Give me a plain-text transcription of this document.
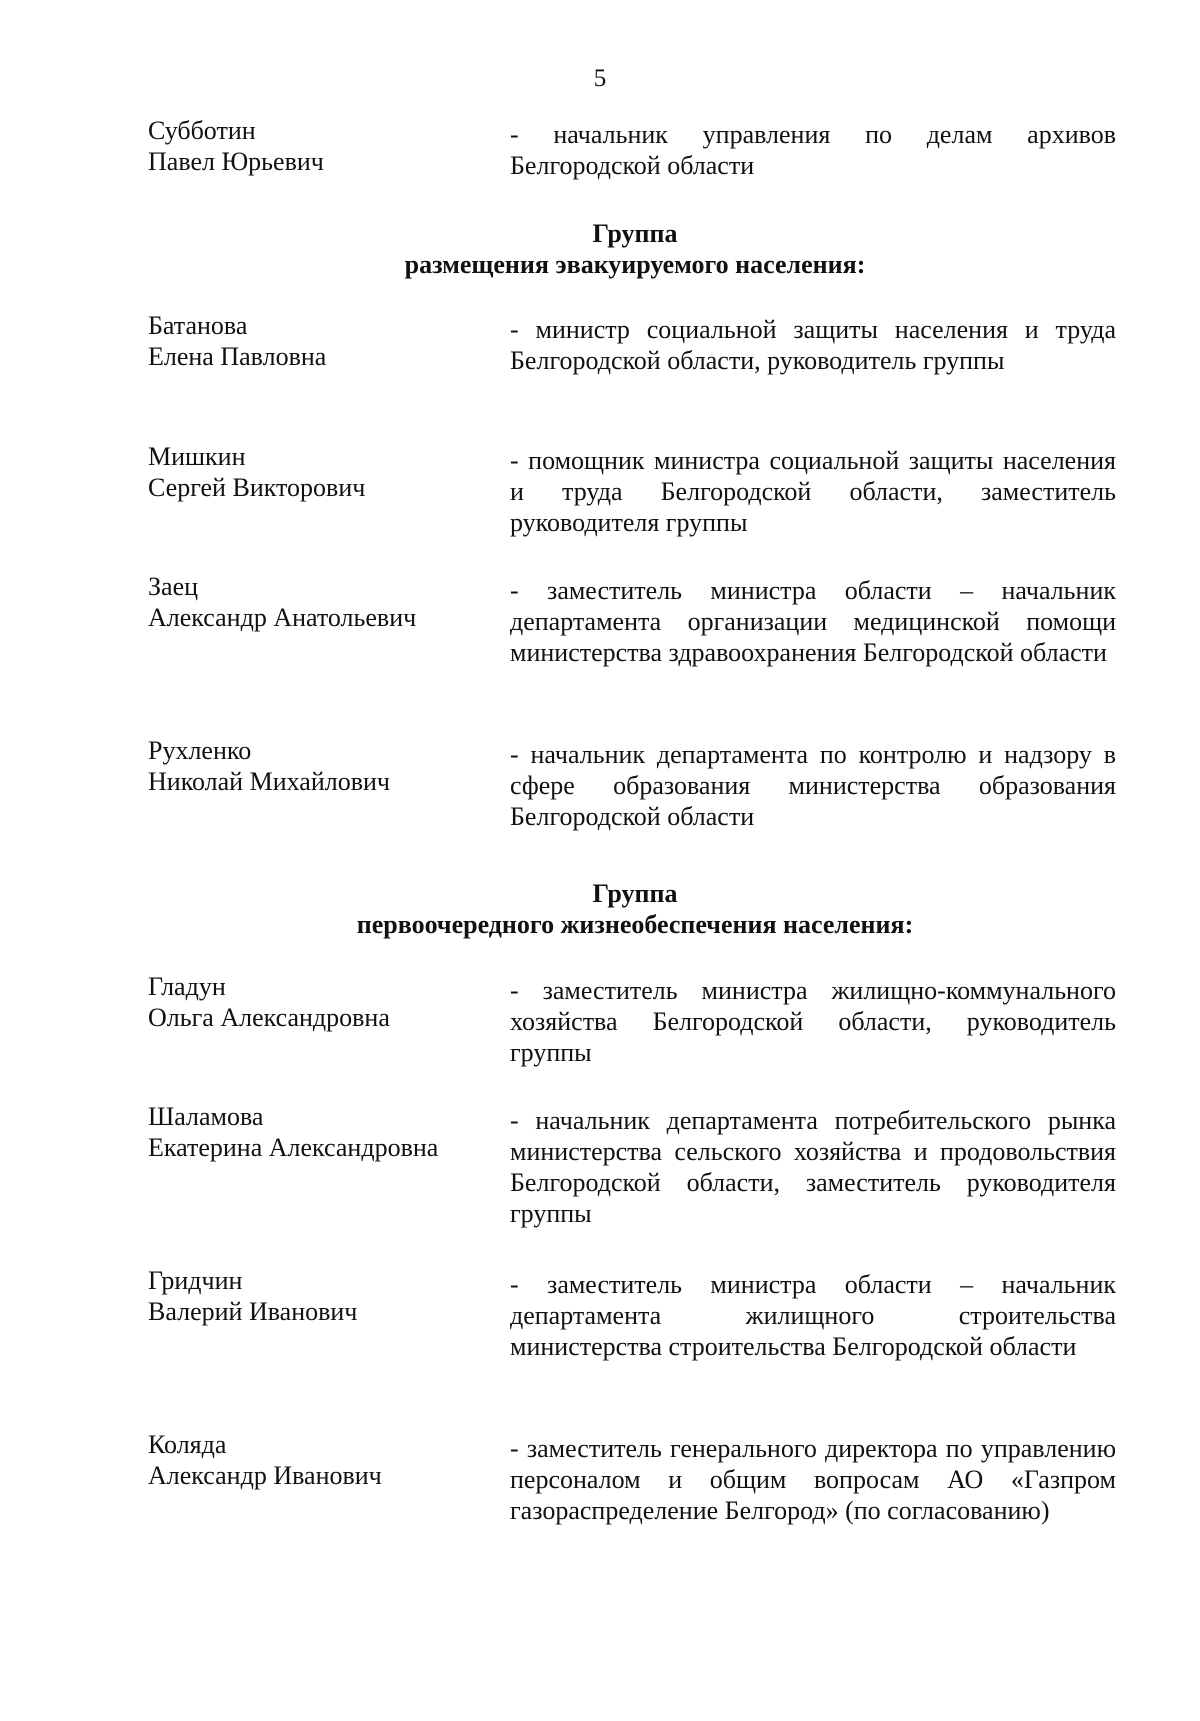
5
Субботин
Павел Юрьевич
- начальник управления по делам архивов Белгородской области
Группа
размещения эвакуируемого населения:
Батанова
Елена Павловна
- министр социальной защиты населения и труда Белгородской области, руководитель группы
Мишкин
Сергей Викторович
- помощник министра социальной защиты населения и труда Белгородской области, заместитель руководителя группы
Заец
Александр Анатольевич
- заместитель министра области – начальник департамента организации медицинской помощи министерства здравоохранения Белгородской области
Рухленко
Николай Михайлович
- начальник департамента по контролю и надзору в сфере образования министерства образования Белгородской области
Группа
первоочередного жизнеобеспечения населения:
Гладун
Ольга Александровна
- заместитель министра жилищно-коммунального хозяйства Белгородской области, руководитель группы
Шаламова
Екатерина Александровна
- начальник департамента потребительского рынка министерства сельского хозяйства и продовольствия Белгородской области, заместитель руководителя группы
Гридчин
Валерий Иванович
- заместитель министра области – начальник департамента жилищного строительства министерства строительства Белгородской области
Коляда
Александр Иванович
- заместитель генерального директора по управлению персоналом и общим вопросам АО «Газпром газораспределение Белгород» (по согласованию)
